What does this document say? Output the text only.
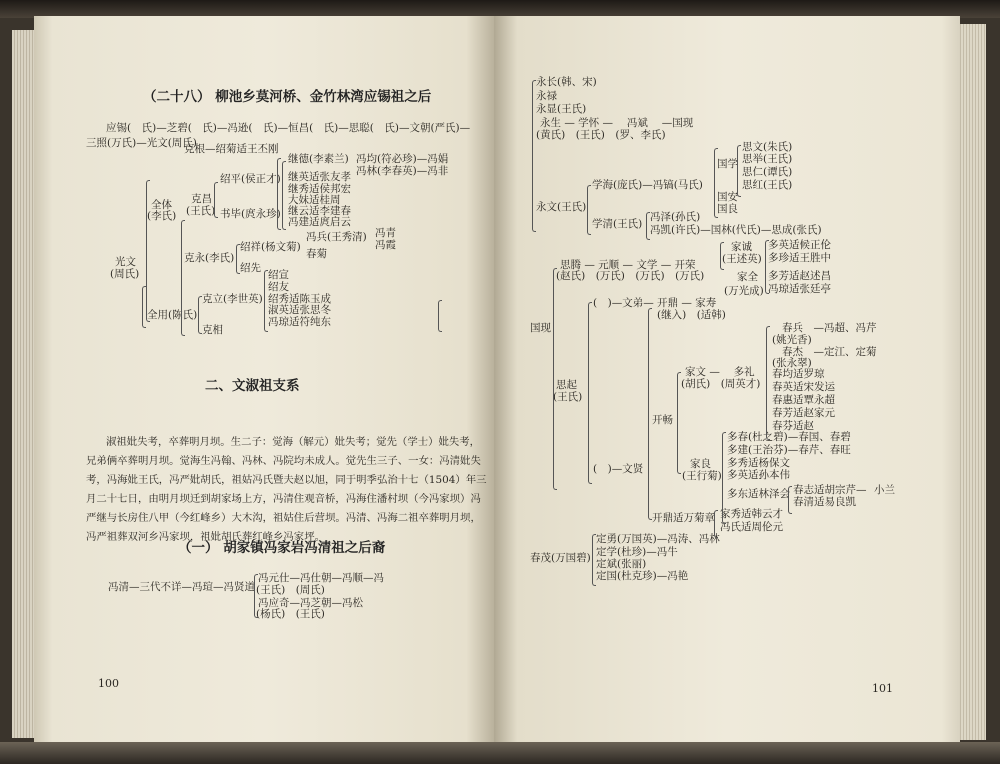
（二十八） 柳池乡莫河桥、金竹林湾应锡祖之后
应锡(　氏)—芝碧(　氏)—冯逊(　氏)—恒昌(　氏)—思聪(　氏)—文朝(严氏)—
三照(万氏)—光文(周氏)
克根—绍菊适王丕刚
继德(李素兰) 冯均(符必珍)—冯娟
冯林(李春英)—冯非
绍平(侯正才) 继英适张友孝
继秀适侯邦宏
大妹适桂周
继云适李建春
冯建适庹启云
克昌
(王氏)
全体
(李氏)	书毕(庹永珍)
冯兵(王秀清) 冯青
冯霞
绍祥(杨文菊)
春菊
克永(李氏)
绍先
光文
(周氏)	绍宣
绍友
绍秀适陈玉成
淑英适张思冬
冯琼适符纯东
克立(李世英)
全用(陈氏)
克相
二、文淑祖支系
淑祖妣失考，卒葬明月坝。生二子：觉海（解元）妣失考；觉先（学士）妣失考，
兄弟俩卒葬明月坝。觉海生冯翰、冯林、冯院均未成人。觉先生三子、一女：冯清妣失
考，冯海妣王氏，冯严妣胡氏，祖姑冯氏暨夫赵以旭，同于明季弘治十七（1504）年三
月二十七日，由明月坝迁到胡家场上方，冯清住观音桥，冯海住潘村坝（今冯家坝）冯
严继与长房住八甲（今红峰乡）大木沟，祖姑住后营坝。冯清、冯海二祖卒葬明月坝，
冯严祖葬双河乡冯家坝，祖妣胡氏葬红峰乡冯家坪。
（一） 胡家镇冯家岩冯清祖之后裔
冯清—三代不详—冯瑄—冯贤道
冯元仕—冯仕朝—冯顺—冯
(王氏)　(周氏)
冯应奇—冯芝朝—冯松
(杨氏)　(王氏)
100
永长(韩、宋)
永禄
永显(王氏)
永生 — 学怀 — 　冯斌　 —国现
(黄氏)　(王氏)　(罗、李氏)
思文(朱氏)
思举(王氏)
思仁(谭氏)
思红(王氏)
国学
学海(庞氏)—冯镐(马氏)
国安
国良
永文(王氏)
学清(王氏)
冯泽(孙氏)
冯凯(许氏)—国林(代氏)—思成(张氏)
家诚
(王述英)
多英适候正伦
多珍适王胜中
思腾 — 元顺 — 文学 — 开荣
(赵氏)　(万氏)　(万氏)　(万氏)	家全
(万光成)
多芳适赵述昌
冯琼适张廷亭
(　)—文弟— 开鼎 — 家寿
(继入)　(适韩)
国现	春兵　—冯超、冯芹
(姚光香)
春杰　—定江、定菊
(张永翠)
家文 — 　多礼
(胡氏)　(周英才)
春均适罗琼
春英适宋发运
春惠适覃永超
春芳适赵家元
春芬适赵
思起
(王氏)
开畅
多春(杜之碧)—春国、春碧
多建(王治芬)—春芹、春旺
多秀适杨保文
多英适孙本伟
家良
(王行菊)
(　)—文贤
多东适林泽会 春志适胡宗芹— 小兰
春清适易良凯
开鼎适万菊章 家秀适韩云才
冯氏适周伦元
定勇(万国英)—冯涛、冯林
定学(杜珍)—冯牛
定斌(张丽)
定国(杜克珍)—冯艳
春茂(万国碧)
101
